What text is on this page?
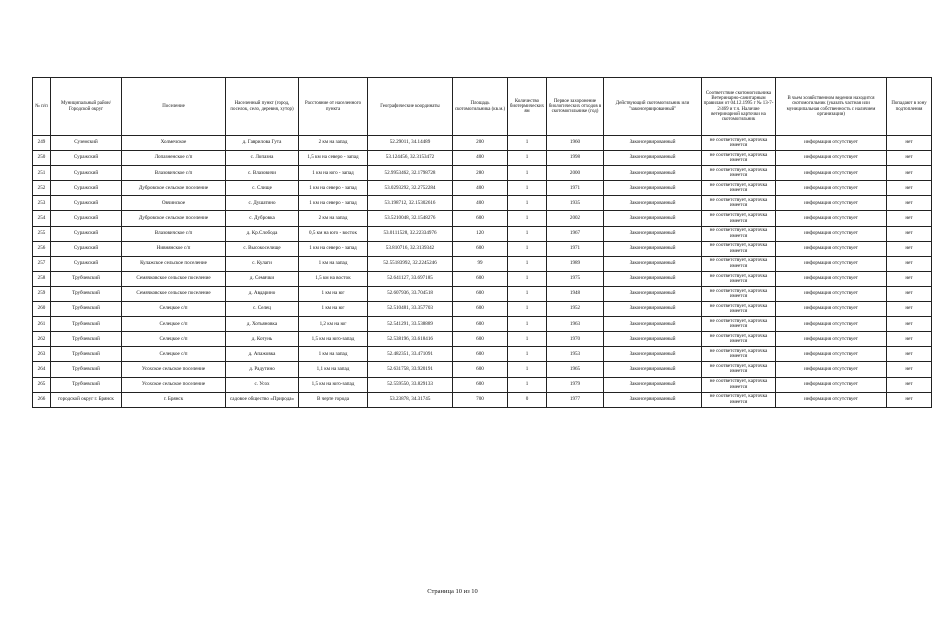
№ п/п	Муниципальный район/Городской округ	Поселение	Населенный пункт (город, поселок, село, деревня, хутор)	Расстояние от населенного пункта	Географические координаты	Площадь скотомогильника (кв.м.)	Количество биотермических ям	Первое захоронение биологических отходов в скотомогильнике (год)	Действующий скотомогильник или "законсервированный"	Соответствие скотомогильника Ветеринарно-санитарным правилам от 04.12.1995 г № 13-7-2/469 и т.ч. Наличие ветеринарной карточки на скотомогильник	В чьем хозяйственном ведении находится скотомогильник (указать частная или муниципальная собственность с наличием организации)	Попадают в зону подтопления
249	Суземский	Холмечское	д. Гаврилова Гута	2 км на запад	52.29011, 34.14489	200	1	1960	Законсервированный	не соответствует, карточка имеется	информация отсутствует	нет
250	Суражский	Лопазненское с/п	с. Лопазна	1,5 км на северо - запад	53.124456, 32.3153472	400	1	1998	Законсервированный	не соответствует, карточка имеется	информация отсутствует	нет
251	Суражский	Влазовичское с/п	с. Влазовичи	1 км на юго - запад	52.9953462, 32.1798728	280	1	2000	Законсервированный	не соответствует, карточка имеется	информация отсутствует	нет
252	Суражский	Дубровское сельское поселение	с. Слище	1 км на северо - запад	53.0293292, 32.2752284	400	1	1971	Законсервированный	не соответствует, карточка имеется	информация отсутствует	нет
253	Суражский	Овчинское	с. Душатино	1 км на северо - запад	53.198712, 32.15302616	400	1	1935	Законсервированный	не соответствует, карточка имеется	информация отсутствует	нет
254	Суражский	Дубровское сельское поселение	с. Дубровка	2 км на запад	53.5210048, 32.1548276	600	1	2002	Законсервированный	не соответствует, карточка имеется	информация отсутствует	нет
255	Суражский	Влазовичское с/п	д. Кр.Слобода	0,5 км на юго - восток	53.0111528, 32.22334976	120	1	1967	Законсервированный	не соответствует, карточка имеется	информация отсутствует	нет
256	Суражский	Нивнянское с/п	с. Высокоселище	1 км на северо - запад	53.810716, 32.3139342	600	1	1971	Законсервированный	не соответствует, карточка имеется	информация отсутствует	нет
257	Суражский	Кулажское сельское поселение	с. Кулаги	1 км на запад	52.55183992, 32.2245246	99	1	1989	Законсервированный	не соответствует, карточка имеется	информация отсутствует	нет
258	Трубчевский	Семячковское сельское поселение	д. Семячки	1,5 км на восток	52.641127, 33.697185	600	1	1975	Законсервированный	не соответствует, карточка имеется	информация отсутствует	нет
259	Трубчевский	Семячковское сельское поселение	д. Авдарино	1 км на юг	52.607936, 33.704518	600	1	1948	Законсервированный	не соответствует, карточка имеется	информация отсутствует	нет
260	Трубчевский	Селецкое с/п	с. Селец	1 км на юг	52.510481, 33.357703	600	1	1952	Законсервированный	не соответствует, карточка имеется	информация отсутствует	нет
261	Трубчевский	Селецкое с/п	д. Хотьяновка	1,2 км на юг	52.541291, 33.538889	600	1	1963	Законсервированный	не соответствует, карточка имеется	информация отсутствует	нет
262	Трубчевский	Селецкое с/п	д. Котунь	1,5 км на юго-запад	52.538196, 33.618416	600	1	1970	Законсервированный	не соответствует, карточка имеется	информация отсутствует	нет
263	Трубчевский	Селецкое с/п	д. Апажовка	1 км на запад	52.482351, 33.471091	600	1	1953	Законсервированный	не соответствует, карточка имеется	информация отсутствует	нет
264	Трубчевский	Усохское сельское поселение	д. Радутино	1,1 км на запад	52.631758, 33.920191	600	1	1965	Законсервированный	не соответствует, карточка имеется	информация отсутствует	нет
265	Трубчевский	Усохское сельское поселение	с. Усох	1,5 км на юго-запад	52.559550, 33.829133	600	1	1979	Законсервированный	не соответствует, карточка имеется	информация отсутствует	нет
266	городской округ г. Брянск	г. Брянск	садовое общество «Природа»	В черте города	53.23878, 34.31745	700	0	1977	Законсервированный	не соответствует, карточка имеется	информация отсутствует	нет
Страница 10 из 10
